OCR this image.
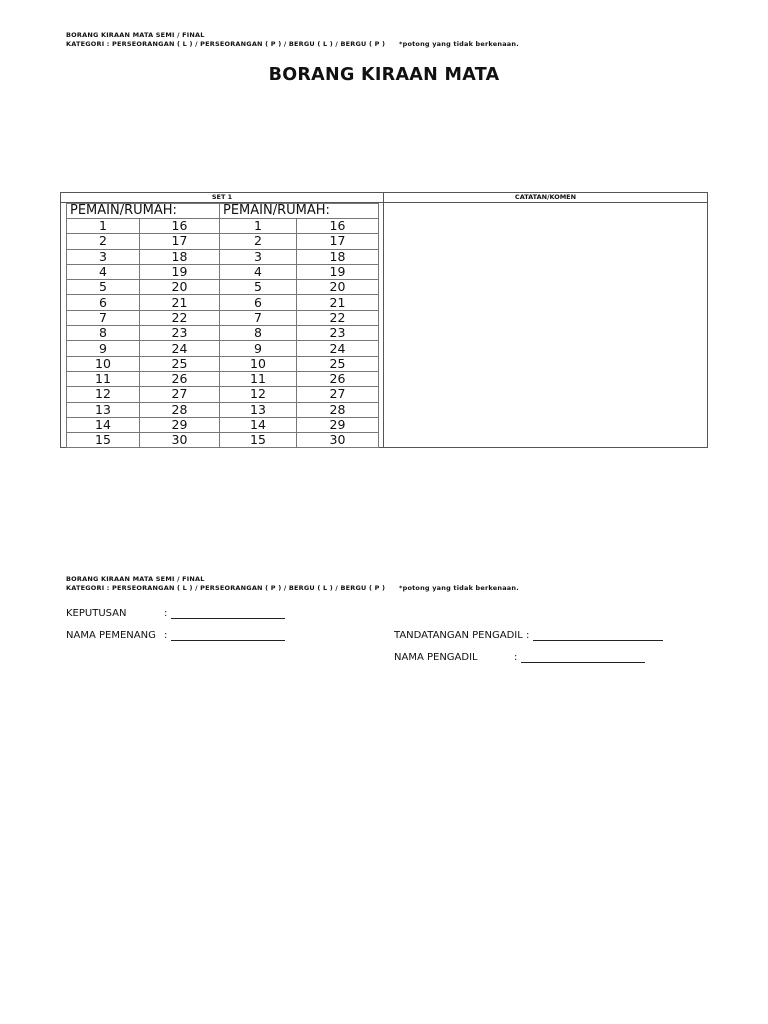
BORANG KIRAAN MATA SEMI / FINAL
KATEGORI : PERSEORANGAN ( L ) / PERSEORANGAN ( P ) / BERGU ( L ) / BERGU ( P ) *potong yang tidak berkenaan.
BORANG KIRAAN MATA
SET 1	CATATAN/KOMEN
PEMAIN/RUMAH:		PEMAIN/RUMAH:	
1	16	1	16
2	17	2	17
3	18	3	18
4	19	4	19
5	20	5	20
6	21	6	21
7	22	7	22
8	23	8	23
9	24	9	24
10	25	10	25
11	26	11	26
12	27	12	27
13	28	13	28
14	29	14	29
15	30	15	30
BORANG KIRAAN MATA SEMI / FINAL
KATEGORI : PERSEORANGAN ( L ) / PERSEORANGAN ( P ) / BERGU ( L ) / BERGU ( P ) *potong yang tidak berkenaan.
KEPUTUSAN	:
NAMA PEMENANG :	TANDATANGAN PENGADIL :
NAMA PENGADIL	:
